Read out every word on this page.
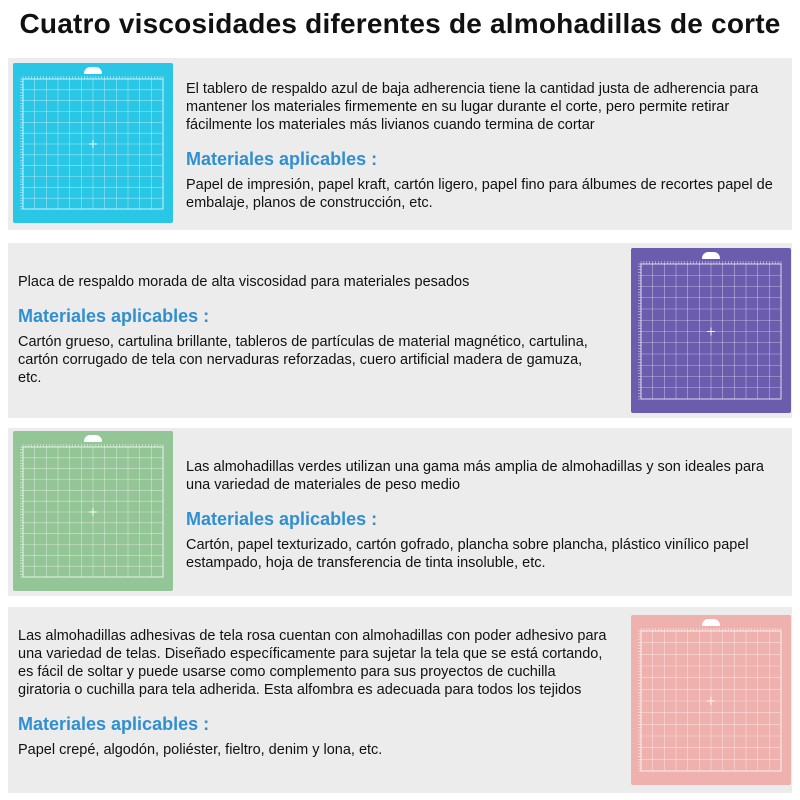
Cuatro viscosidades diferentes de almohadillas de corte

El tablero de respaldo azul de baja adherencia tiene la cantidad justa de adherencia para mantener los materiales firmemente en su lugar durante el corte, pero permite retirar fácilmente los materiales más livianos cuando termina de cortar

Materiales aplicables :

Papel de impresión, papel kraft, cartón ligero, papel fino para álbumes de recortes papel de embalaje, planos de construcción, etc.

Placa de respaldo morada de alta viscosidad para materiales pesados

Materiales aplicables :

Cartón grueso, cartulina brillante, tableros de partículas de material magnético, cartulina, cartón corrugado de tela con nervaduras reforzadas, cuero artificial madera de gamuza, etc.

Las almohadillas verdes utilizan una gama más amplia de almohadillas y son ideales para una variedad de materiales de peso medio

Materiales aplicables :

Cartón, papel texturizado, cartón gofrado, plancha sobre plancha, plástico vinílico papel estampado, hoja de transferencia de tinta insoluble, etc.

Las almohadillas adhesivas de tela rosa cuentan con almohadillas con poder adhesivo para una variedad de telas. Diseñado específicamente para sujetar la tela que se está cortando, es fácil de soltar y puede usarse como complemento para sus proyectos de cuchilla giratoria o cuchilla para tela adherida. Esta alfombra es adecuada para todos los tejidos

Materiales aplicables :

Papel crepé, algodón, poliéster, fieltro, denim y lona, etc.
